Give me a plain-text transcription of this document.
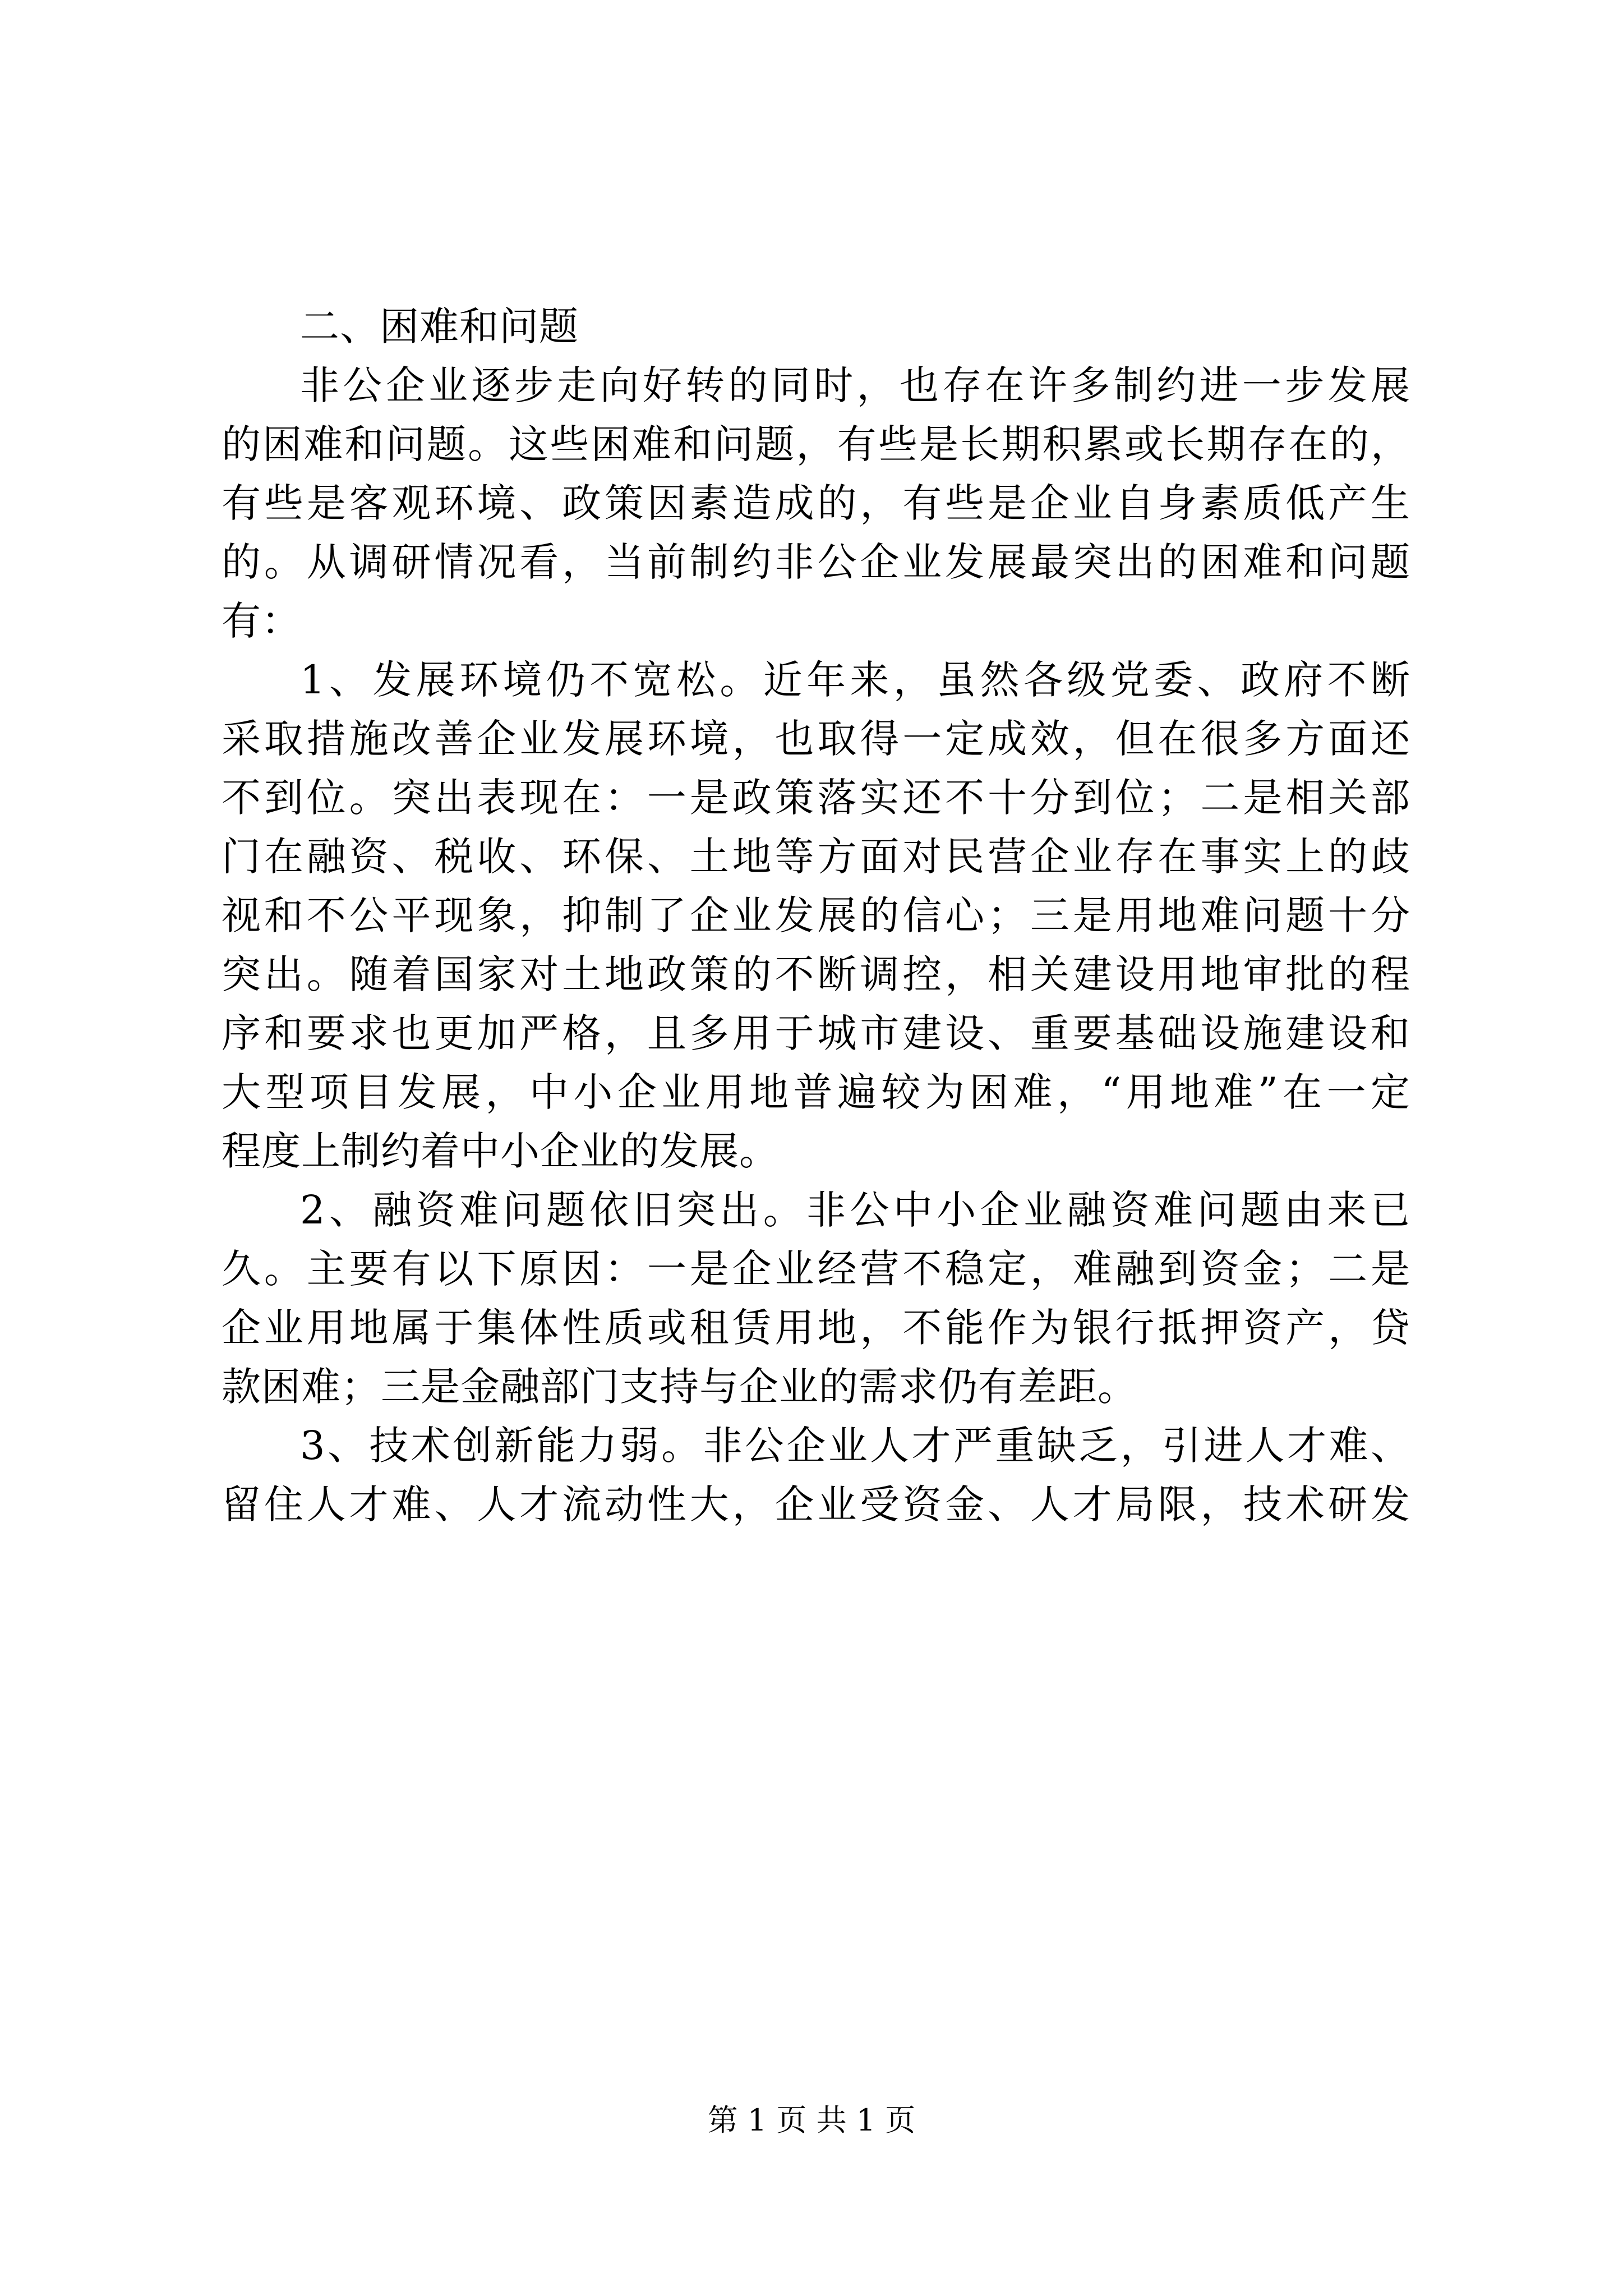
二、困难和问题
非公企业逐步走向好转的同时，也存在许多制约进一步发展
的困难和问题。这些困难和问题，有些是长期积累或长期存在的，
有些是客观环境、政策因素造成的，有些是企业自身素质低产生
的。从调研情况看，当前制约非公企业发展最突出的困难和问题
有：
1、发展环境仍不宽松。近年来，虽然各级党委、政府不断
采取措施改善企业发展环境，也取得一定成效，但在很多方面还
不到位。突出表现在：一是政策落实还不十分到位；二是相关部
门在融资、税收、环保、土地等方面对民营企业存在事实上的歧
视和不公平现象，抑制了企业发展的信心；三是用地难问题十分
突出。随着国家对土地政策的不断调控，相关建设用地审批的程
序和要求也更加严格，且多用于城市建设、重要基础设施建设和
大型项目发展，中小企业用地普遍较为困难，“用地难”在一定
程度上制约着中小企业的发展。
2、融资难问题依旧突出。非公中小企业融资难问题由来已
久。主要有以下原因：一是企业经营不稳定，难融到资金；二是
企业用地属于集体性质或租赁用地，不能作为银行抵押资产，贷
款困难；三是金融部门支持与企业的需求仍有差距。
3、技术创新能力弱。非公企业人才严重缺乏，引进人才难、
留住人才难、人才流动性大，企业受资金、人才局限，技术研发
第 1 页 共 1 页
